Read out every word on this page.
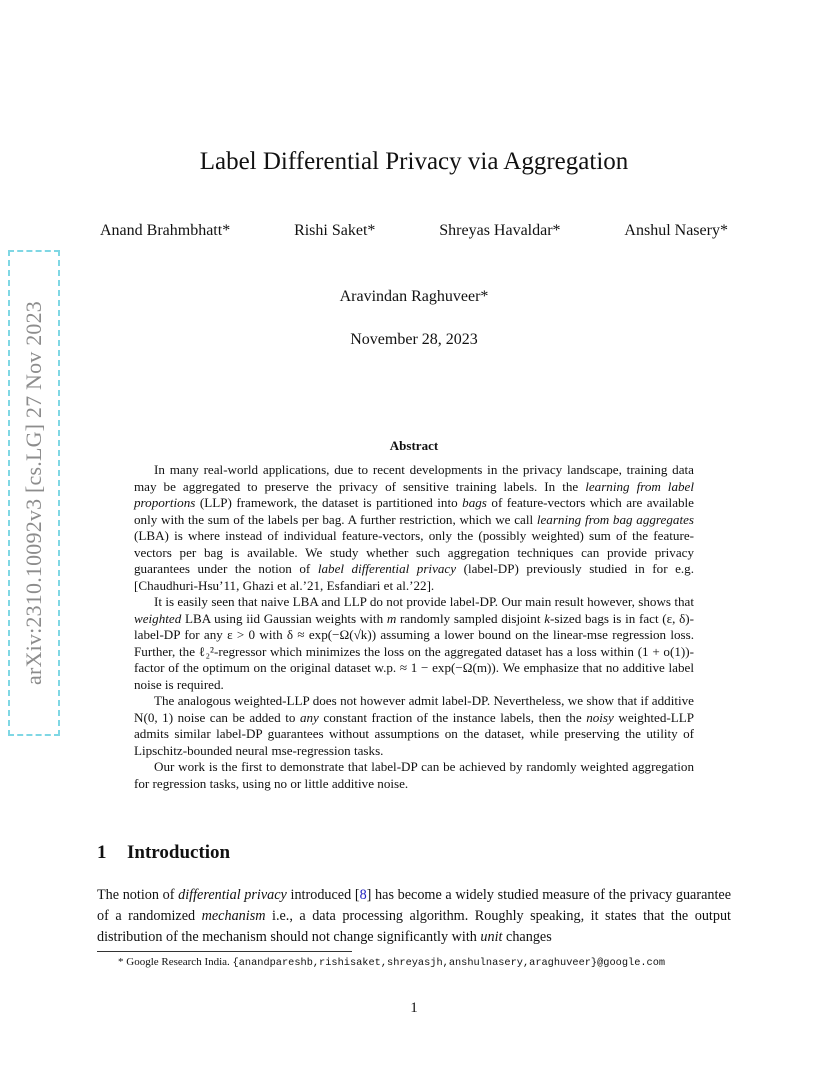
arXiv:2310.10092v3 [cs.LG] 27 Nov 2023
Label Differential Privacy via Aggregation
Anand Brahmbhatt*	Rishi Saket*	Shreyas Havaldar*	Anshul Nasery*
Aravindan Raghuveer*
November 28, 2023
Abstract

In many real-world applications, due to recent developments in the privacy landscape, training data may be aggregated to preserve the privacy of sensitive training labels. In the learning from label proportions (LLP) framework, the dataset is partitioned into bags of feature-vectors which are available only with the sum of the labels per bag. A further restriction, which we call learning from bag aggregates (LBA) is where instead of individual feature-vectors, only the (possibly weighted) sum of the feature-vectors per bag is available. We study whether such aggregation techniques can provide privacy guarantees under the notion of label differential privacy (label-DP) previously studied in for e.g. [Chaudhuri-Hsu’11, Ghazi et al.’21, Esfandiari et al.’22].

It is easily seen that naive LBA and LLP do not provide label-DP. Our main result however, shows that weighted LBA using iid Gaussian weights with m randomly sampled disjoint k-sized bags is in fact (ε, δ)-label-DP for any ε > 0 with δ ≈ exp(−Ω(√k)) assuming a lower bound on the linear-mse regression loss. Further, the ℓ₂²-regressor which minimizes the loss on the aggregated dataset has a loss within (1 + o(1))-factor of the optimum on the original dataset w.p. ≈ 1 − exp(−Ω(m)). We emphasize that no additive label noise is required.

The analogous weighted-LLP does not however admit label-DP. Nevertheless, we show that if additive N(0, 1) noise can be added to any constant fraction of the instance labels, then the noisy weighted-LLP admits similar label-DP guarantees without assumptions on the dataset, while preserving the utility of Lipschitz-bounded neural mse-regression tasks.

Our work is the first to demonstrate that label-DP can be achieved by randomly weighted aggregation for regression tasks, using no or little additive noise.

1 Introduction

The notion of differential privacy introduced [8] has become a widely studied measure of the privacy guarantee of a randomized mechanism i.e., a data processing algorithm. Roughly speaking, it states that the output distribution of the mechanism should not change significantly with unit changes

* Google Research India. {anandpareshb,rishisaket,shreyasjh,anshulnasery,araghuveer}@google.com
1
